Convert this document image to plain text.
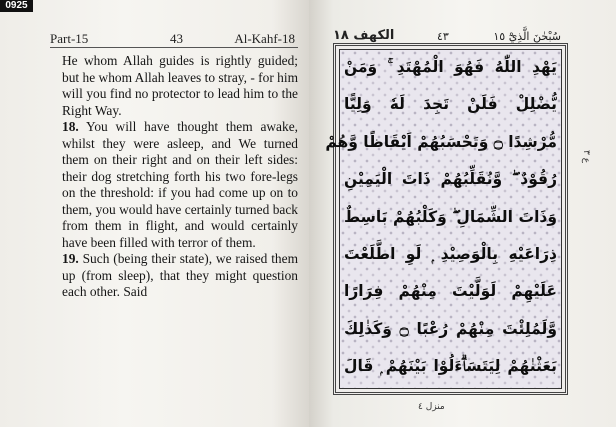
0925
Part-15	43	Al-Kahf-18

He whom Allah guides is rightly guided; but he whom Allah leaves to stray, - for him will you find no protector to lead him to the Right Way.

18. You will have thought them awake, whilst they were asleep, and We turned them on their right and on their left sides: their dog stretching forth his two fore-legs on the threshold: if you had come up on to them, you would have certainly turned back from them in flight, and would certainly have been filled with terror of them.

19. Such (being their state), we raised them up (from sleep), that they might question each other. Said

سُبْحٰنَ الَّذِيْٓ ١٥
٤٣
الكهف ١٨
يَهْدِ اللّٰهُ فَهُوَ الْمُهْتَدِ ۚ وَمَنْ
يُّضْلِلْ فَلَنْ تَجِدَ لَهٗ وَلِيًّا
مُّرْشِدًا ۝ وَتَحْسَبُهُمْ اَيْقَاظًا وَّهُمْ
رُقُوْدٌ ۖ وَّنُقَلِّبُهُمْ ذَاتَ الْيَمِيْنِ
وَذَاتَ الشِّمَالِ ۖ وَكَلْبُهُمْ بَاسِطٌ
ذِرَاعَيْهِ بِالْوَصِيْدِ ۭ لَوِ اطَّلَعْتَ
عَلَيْهِمْ لَوَلَّيْتَ مِنْهُمْ فِرَارًا
وَّلَمُلِئْتَ مِنْهُمْ رُعْبًا ۝ وَكَذٰلِكَ
بَعَثْنٰهُمْ لِيَتَسَاۗءَلُوْا بَيْنَهُمْ ۭ قَالَ
ع ٣
منزل ٤
